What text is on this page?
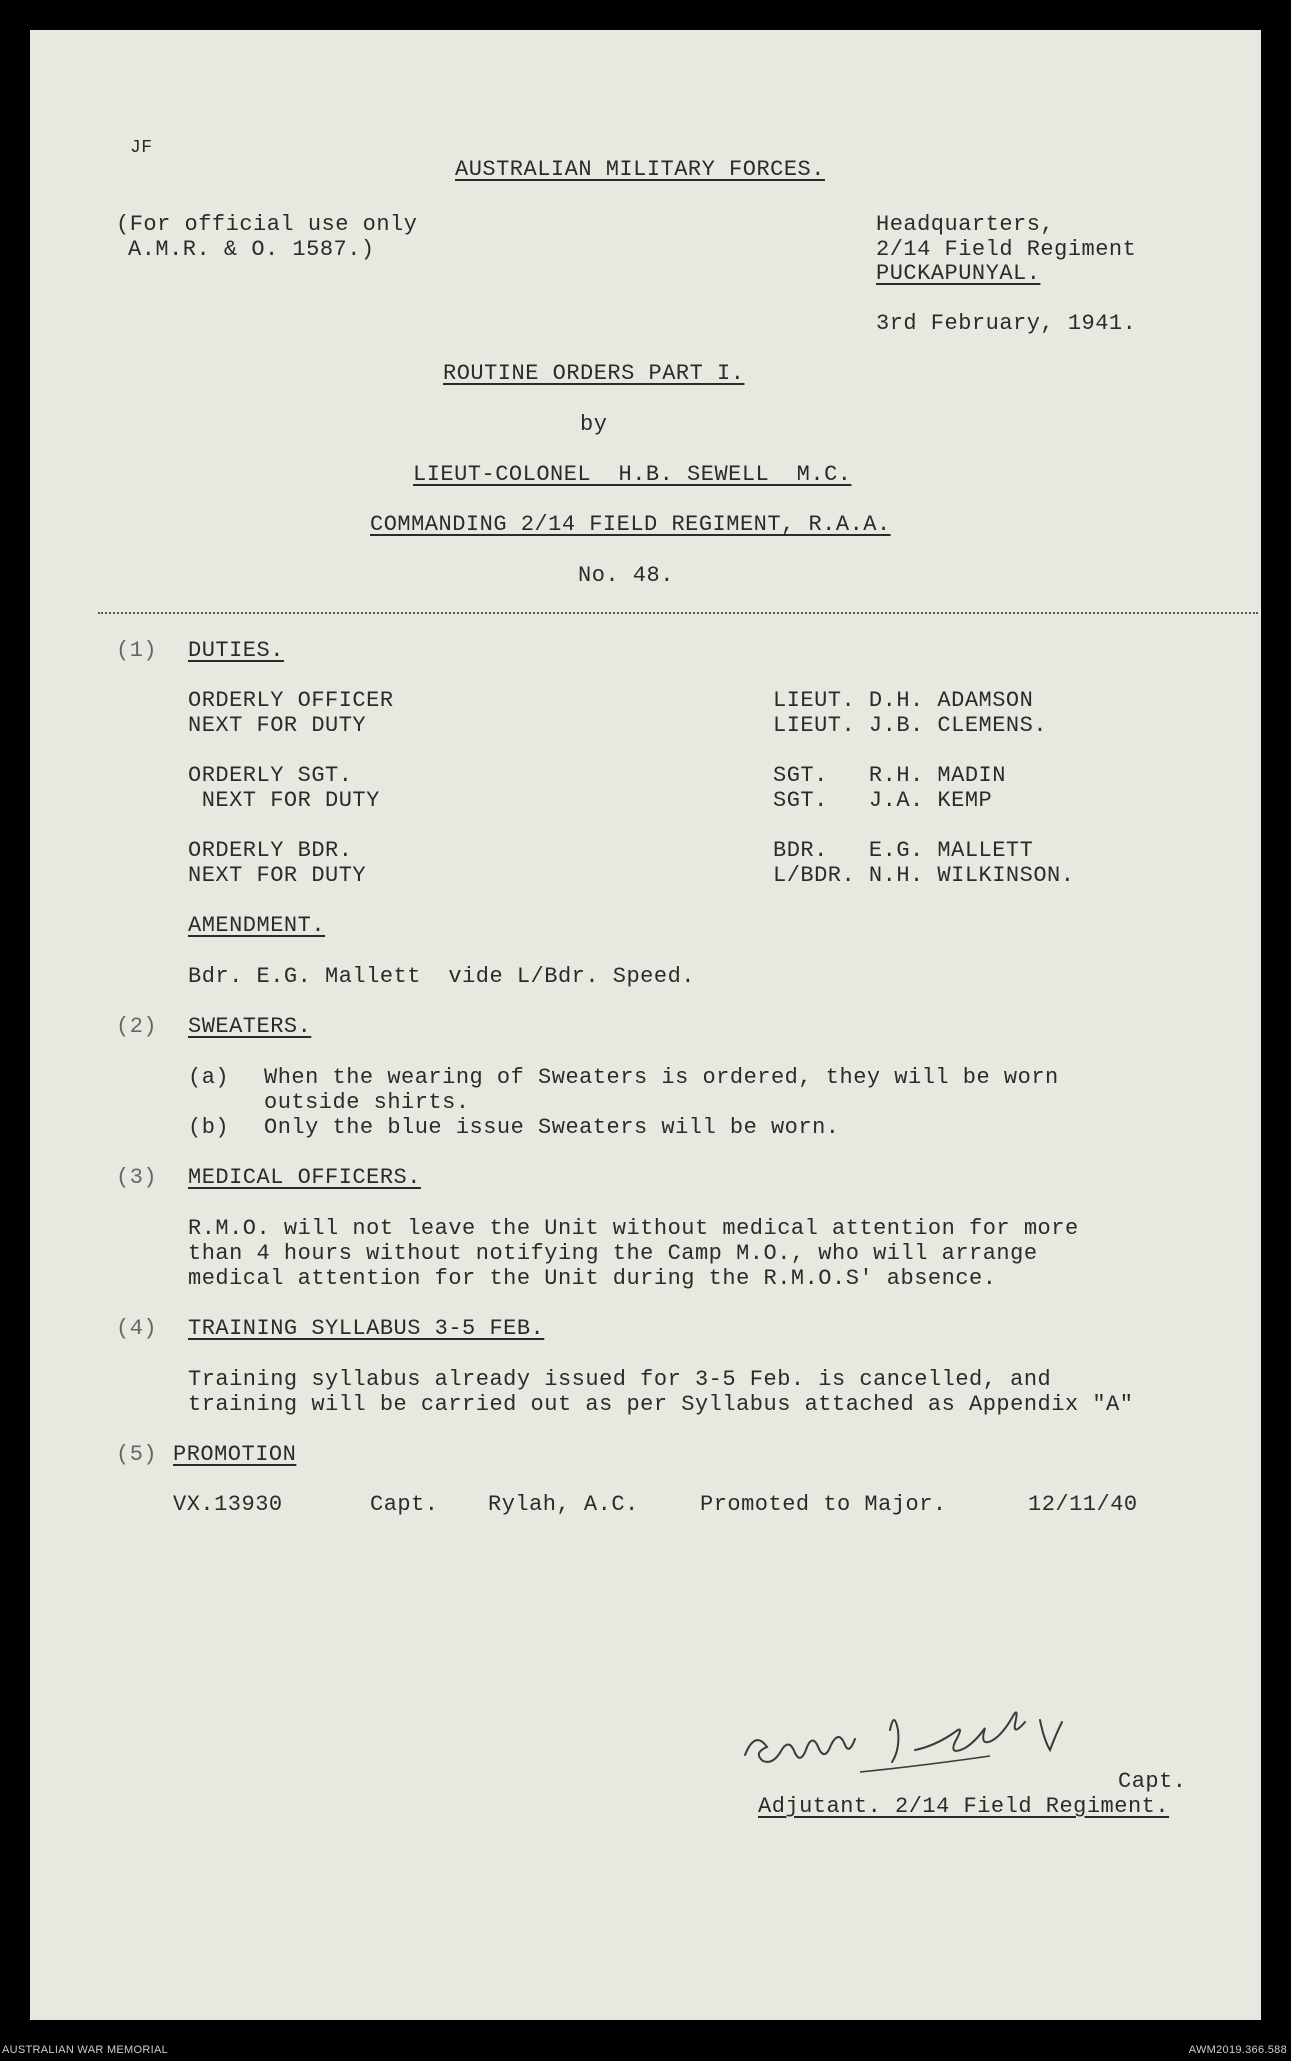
JF
AUSTRALIAN MILITARY FORCES.
(For official use only
A.M.R. & O. 1587.)
Headquarters,
2/14 Field Regiment
PUCKAPUNYAL.
3rd February, 1941.
ROUTINE ORDERS PART I.
by
LIEUT-COLONEL  H.B. SEWELL  M.C.
COMMANDING 2/14 FIELD REGIMENT, R.A.A.
No. 48.
(1) DUTIES.
ORDERLY OFFICER	LIEUT. D.H. ADAMSON
NEXT FOR DUTY	LIEUT. J.B. CLEMENS.
ORDERLY SGT.	SGT.   R.H. MADIN
NEXT FOR DUTY	SGT.   J.A. KEMP
ORDERLY BDR.	BDR.   E.G. MALLETT
NEXT FOR DUTY	L/BDR. N.H. WILKINSON.
AMENDMENT.
Bdr. E.G. Mallett  vide L/Bdr. Speed.
(2) SWEATERS.
(a) When the wearing of Sweaters is ordered, they will be worn
outside shirts.
(b) Only the blue issue Sweaters will be worn.
(3) MEDICAL OFFICERS.
R.M.O. will not leave the Unit without medical attention for more
than 4 hours without notifying the Camp M.O., who will arrange
medical attention for the Unit during the R.M.O.S' absence.
(4) TRAINING SYLLABUS 3-5 FEB.
Training syllabus already issued for 3-5 Feb. is cancelled, and
training will be carried out as per Syllabus attached as Appendix "A"
(5) PROMOTION
VX.13930	Capt. Rylah, A.C.	Promoted to Major.	12/11/40
Capt.
Adjutant. 2/14 Field Regiment.
AUSTRALIAN WAR MEMORIAL	AWM2019.366.588
